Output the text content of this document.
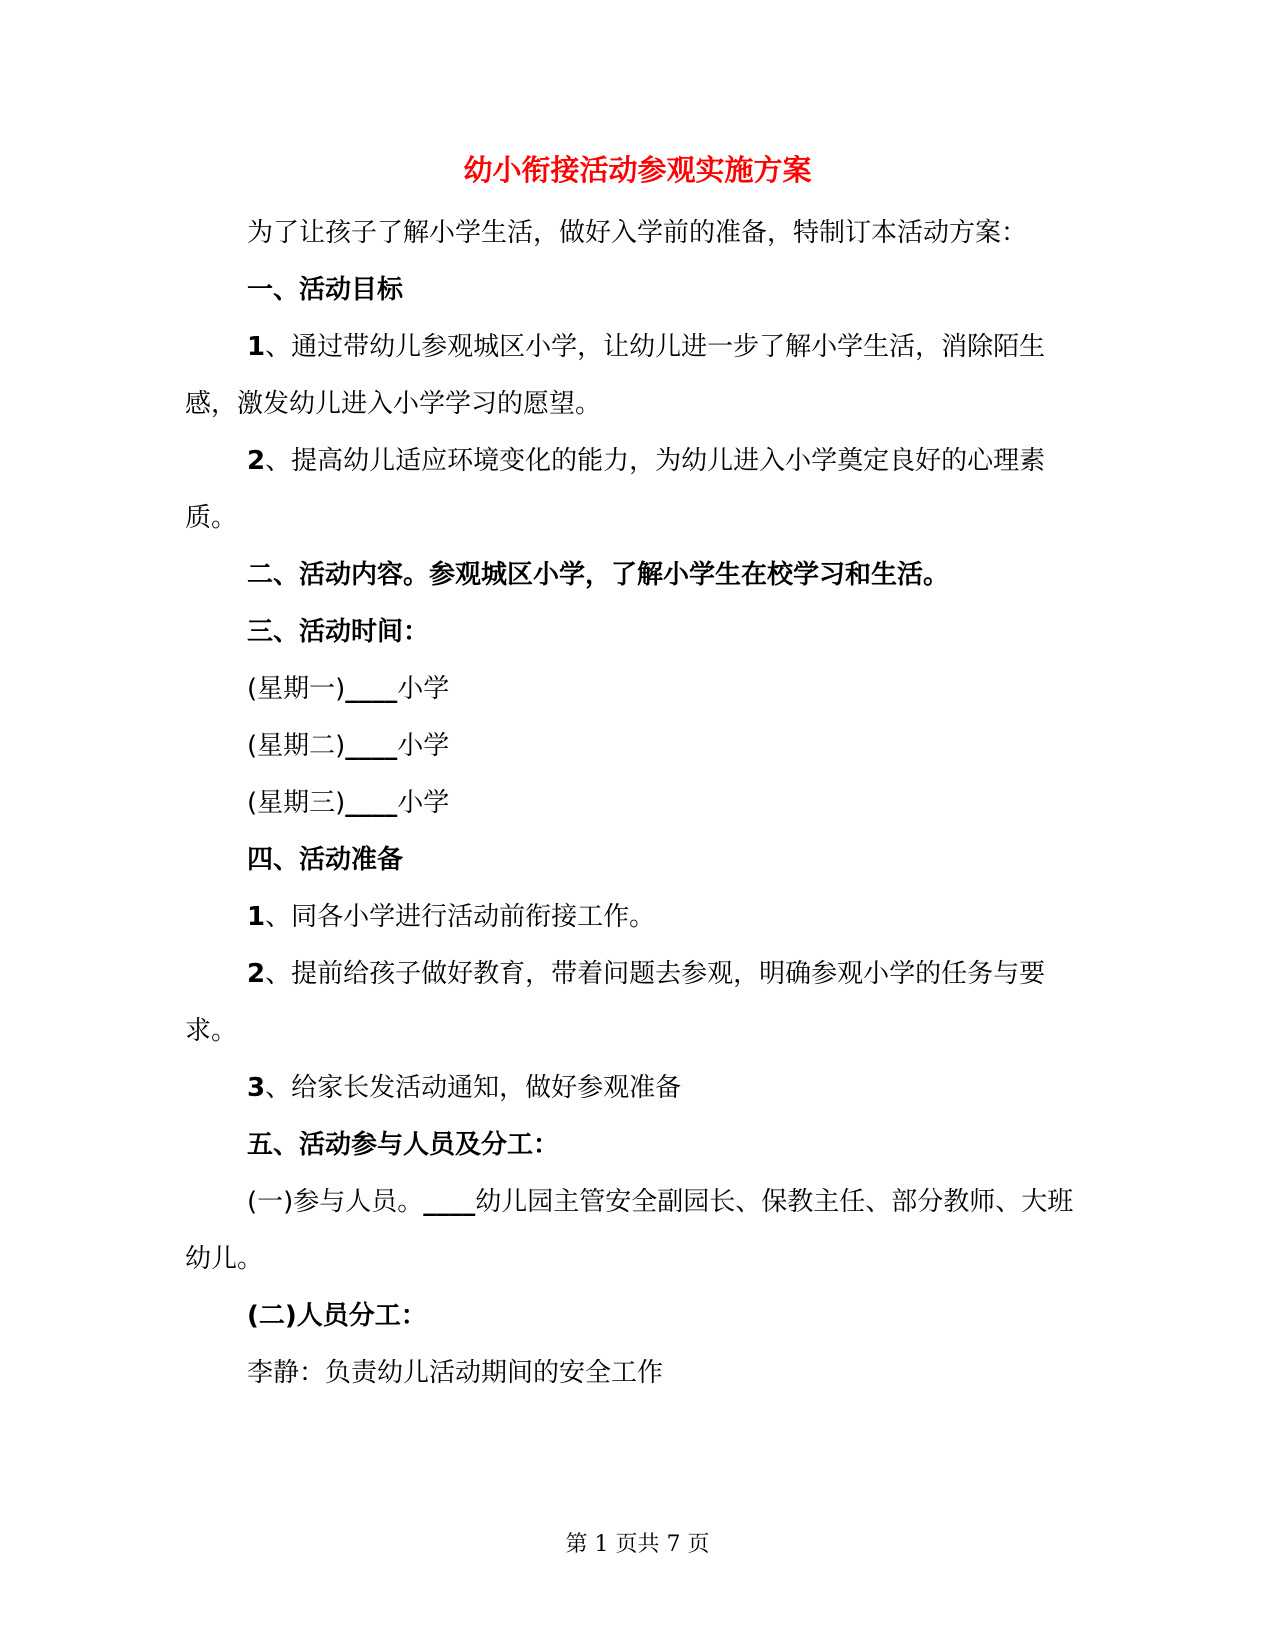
幼小衔接活动参观实施方案

为了让孩子了解小学生活，做好入学前的准备，特制订本活动方案：

一、活动目标

1、通过带幼儿参观城区小学，让幼儿进一步了解小学生活，消除陌生感，激发幼儿进入小学学习的愿望。

2、提高幼儿适应环境变化的能力，为幼儿进入小学奠定良好的心理素质。

二、活动内容。参观城区小学，了解小学生在校学习和生活。

三、活动时间：

(星期一)____小学

(星期二)____小学

(星期三)____小学

四、活动准备

1、同各小学进行活动前衔接工作。

2、提前给孩子做好教育，带着问题去参观，明确参观小学的任务与要求。

3、给家长发活动通知，做好参观准备

五、活动参与人员及分工：

(一)参与人员。____幼儿园主管安全副园长、保教主任、部分教师、大班幼儿。

(二)人员分工：

李静：负责幼儿活动期间的安全工作

第 1 页共 7 页
